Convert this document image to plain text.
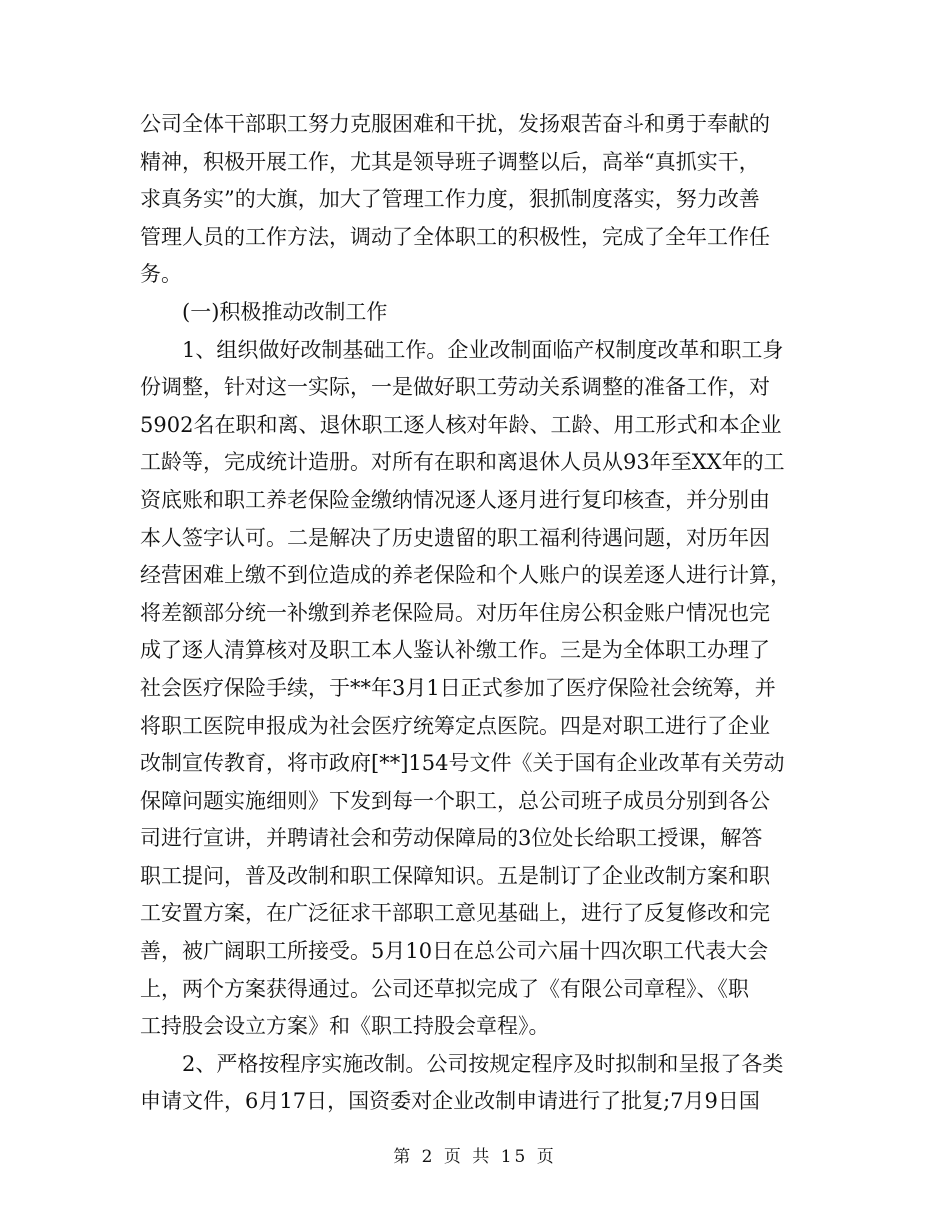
公司全体干部职工努力克服困难和干扰，发扬艰苦奋斗和勇于奉献的
精神，积极开展工作，尤其是领导班子调整以后，高举“真抓实干，
求真务实”的大旗，加大了管理工作力度，狠抓制度落实，努力改善
管理人员的工作方法，调动了全体职工的积极性，完成了全年工作任
务。
　　(一)积极推动改制工作
　　1、组织做好改制基础工作。企业改制面临产权制度改革和职工身
份调整，针对这一实际，一是做好职工劳动关系调整的准备工作，对
5902名在职和离、退休职工逐人核对年龄、工龄、用工形式和本企业
工龄等，完成统计造册。对所有在职和离退休人员从93年至XX年的工
资底账和职工养老保险金缴纳情况逐人逐月进行复印核查，并分别由
本人签字认可。二是解决了历史遗留的职工福利待遇问题，对历年因
经营困难上缴不到位造成的养老保险和个人账户的误差逐人进行计算，
将差额部分统一补缴到养老保险局。对历年住房公积金账户情况也完
成了逐人清算核对及职工本人鉴认补缴工作。三是为全体职工办理了
社会医疗保险手续，于**年3月1日正式参加了医疗保险社会统筹，并
将职工医院申报成为社会医疗统筹定点医院。四是对职工进行了企业
改制宣传教育，将市政府[**]154号文件《关于国有企业改革有关劳动
保障问题实施细则》下发到每一个职工，总公司班子成员分别到各公
司进行宣讲，并聘请社会和劳动保障局的3位处长给职工授课，解答
职工提问，普及改制和职工保障知识。五是制订了企业改制方案和职
工安置方案，在广泛征求干部职工意见基础上，进行了反复修改和完
善，被广阔职工所接受。5月10日在总公司六届十四次职工代表大会
上，两个方案获得通过。公司还草拟完成了《有限公司章程》、《职
工持股会设立方案》和《职工持股会章程》。
　　2、严格按程序实施改制。公司按规定程序及时拟制和呈报了各类
申请文件，6月17日，国资委对企业改制申请进行了批复;7月9日国
第 2 页 共 15 页
